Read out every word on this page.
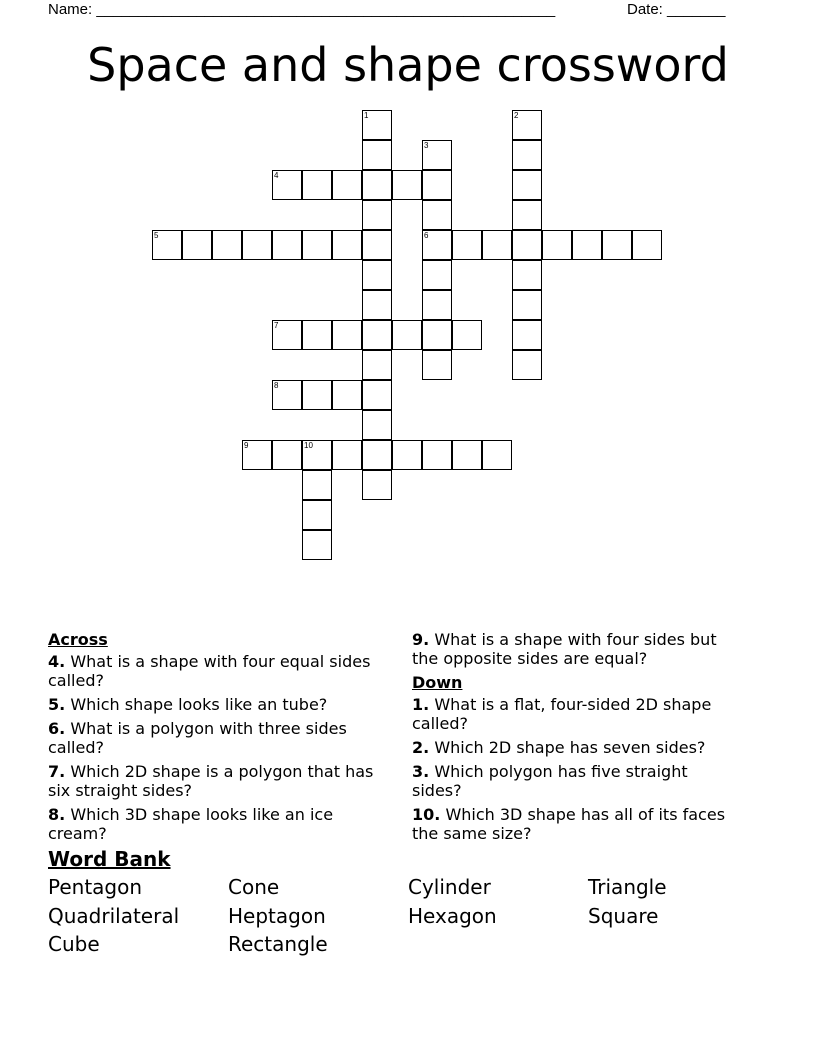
Name: _______________________________________________________	Date: _______
Space and shape crossword
1	2
3
6
4
5
7
8
9	10
Across
4. What is a shape with four equal sides called?
5. Which shape looks like an tube?
6. What is a polygon with three sides called?
7. Which 2D shape is a polygon that has six straight sides?
8. Which 3D shape looks like an ice cream?
9. What is a shape with four sides but the opposite sides are equal?
Down
1. What is a flat, four-sided 2D shape called?
2. Which 2D shape has seven sides?
3. Which polygon has five straight sides?
10. Which 3D shape has all of its faces the same size?
Word Bank
Pentagon	Cone	Cylinder	Triangle
Quadrilateral Heptagon	Hexagon	Square
Cube	Rectangle
